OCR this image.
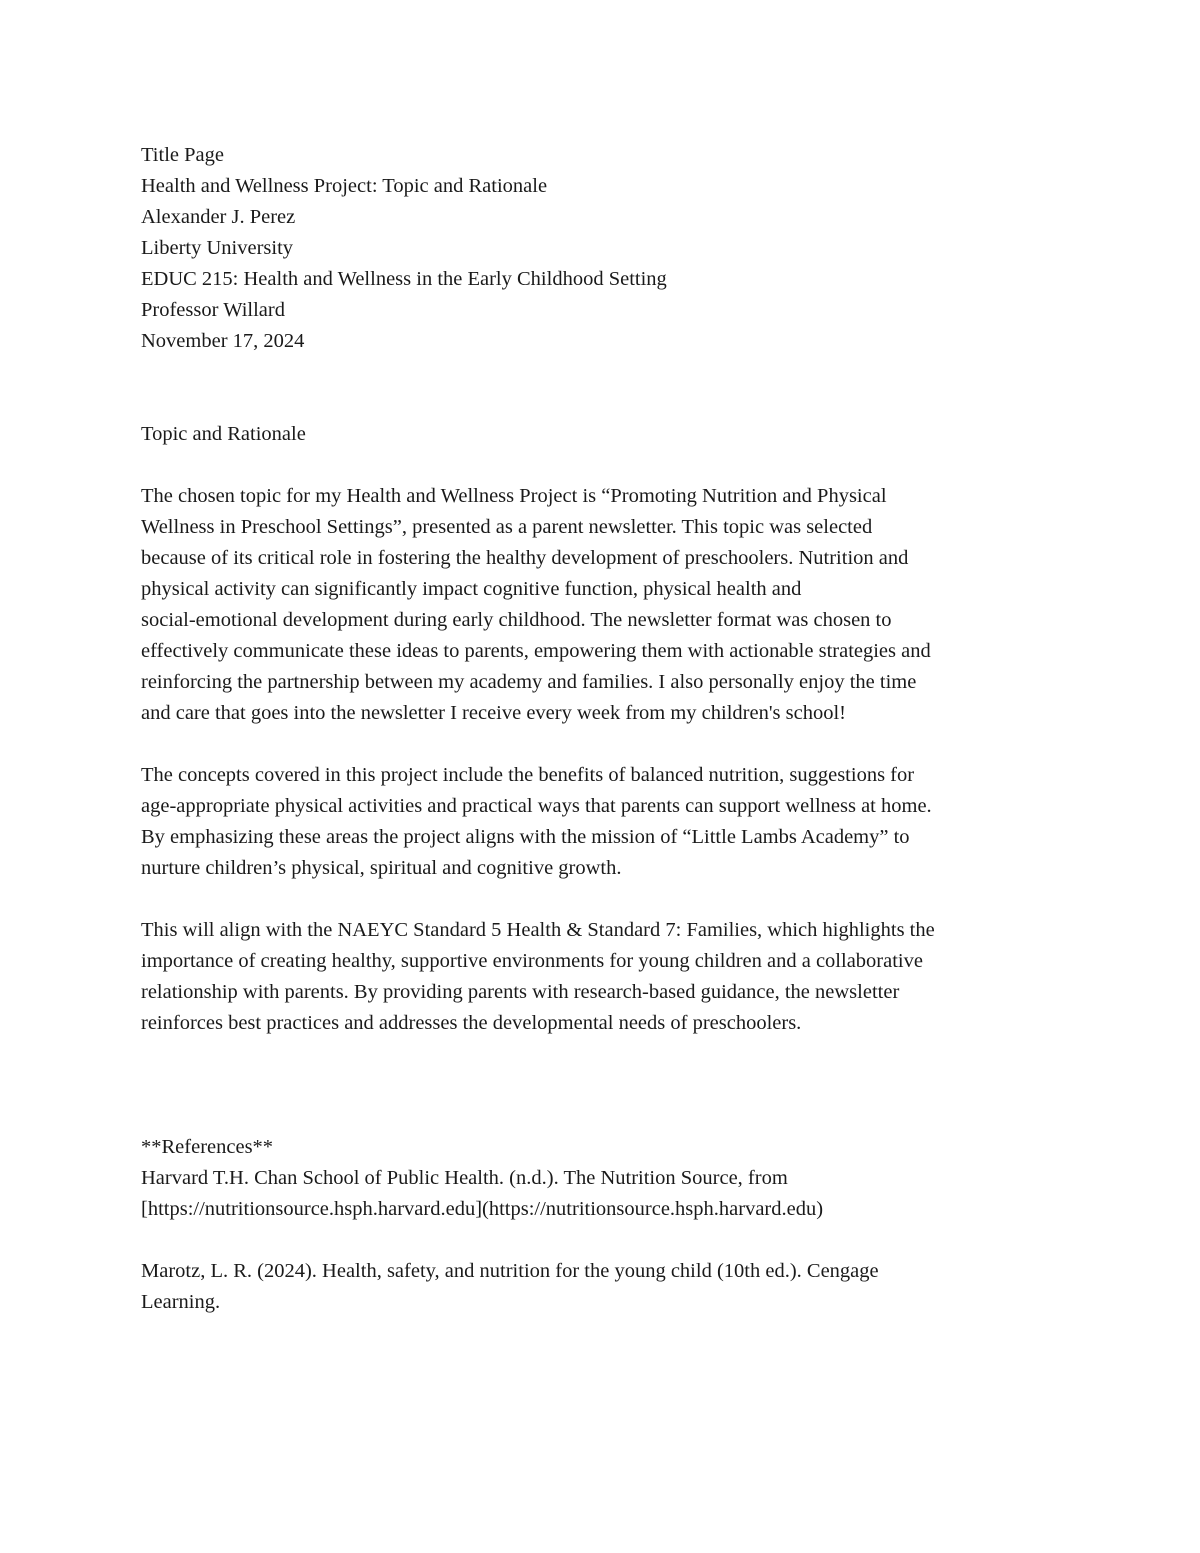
Title Page
Health and Wellness Project: Topic and Rationale
Alexander J. Perez
Liberty University
EDUC 215: Health and Wellness in the Early Childhood Setting
Professor Willard
November 17, 2024
Topic and Rationale
The chosen topic for my Health and Wellness Project is “Promoting Nutrition and Physical
Wellness in Preschool Settings”, presented as a parent newsletter. This topic was selected
because of its critical role in fostering the healthy development of preschoolers. Nutrition and
physical activity can significantly impact cognitive function, physical health and
social-emotional development during early childhood. The newsletter format was chosen to
effectively communicate these ideas to parents, empowering them with actionable strategies and
reinforcing the partnership between my academy and families. I also personally enjoy the time
and care that goes into the newsletter I receive every week from my children's school!
The concepts covered in this project include the benefits of balanced nutrition, suggestions for
age-appropriate physical activities and practical ways that parents can support wellness at home.
By emphasizing these areas the project aligns with the mission of “Little Lambs Academy” to
nurture children’s physical, spiritual and cognitive growth.
This will align with the NAEYC Standard 5 Health & Standard 7: Families, which highlights the
importance of creating healthy, supportive environments for young children and a collaborative
relationship with parents. By providing parents with research-based guidance, the newsletter
reinforces best practices and addresses the developmental needs of preschoolers.
**References**
Harvard T.H. Chan School of Public Health. (n.d.). The Nutrition Source, from
[https://nutritionsource.hsph.harvard.edu](https://nutritionsource.hsph.harvard.edu)
Marotz, L. R. (2024). Health, safety, and nutrition for the young child (10th ed.). Cengage
Learning.
